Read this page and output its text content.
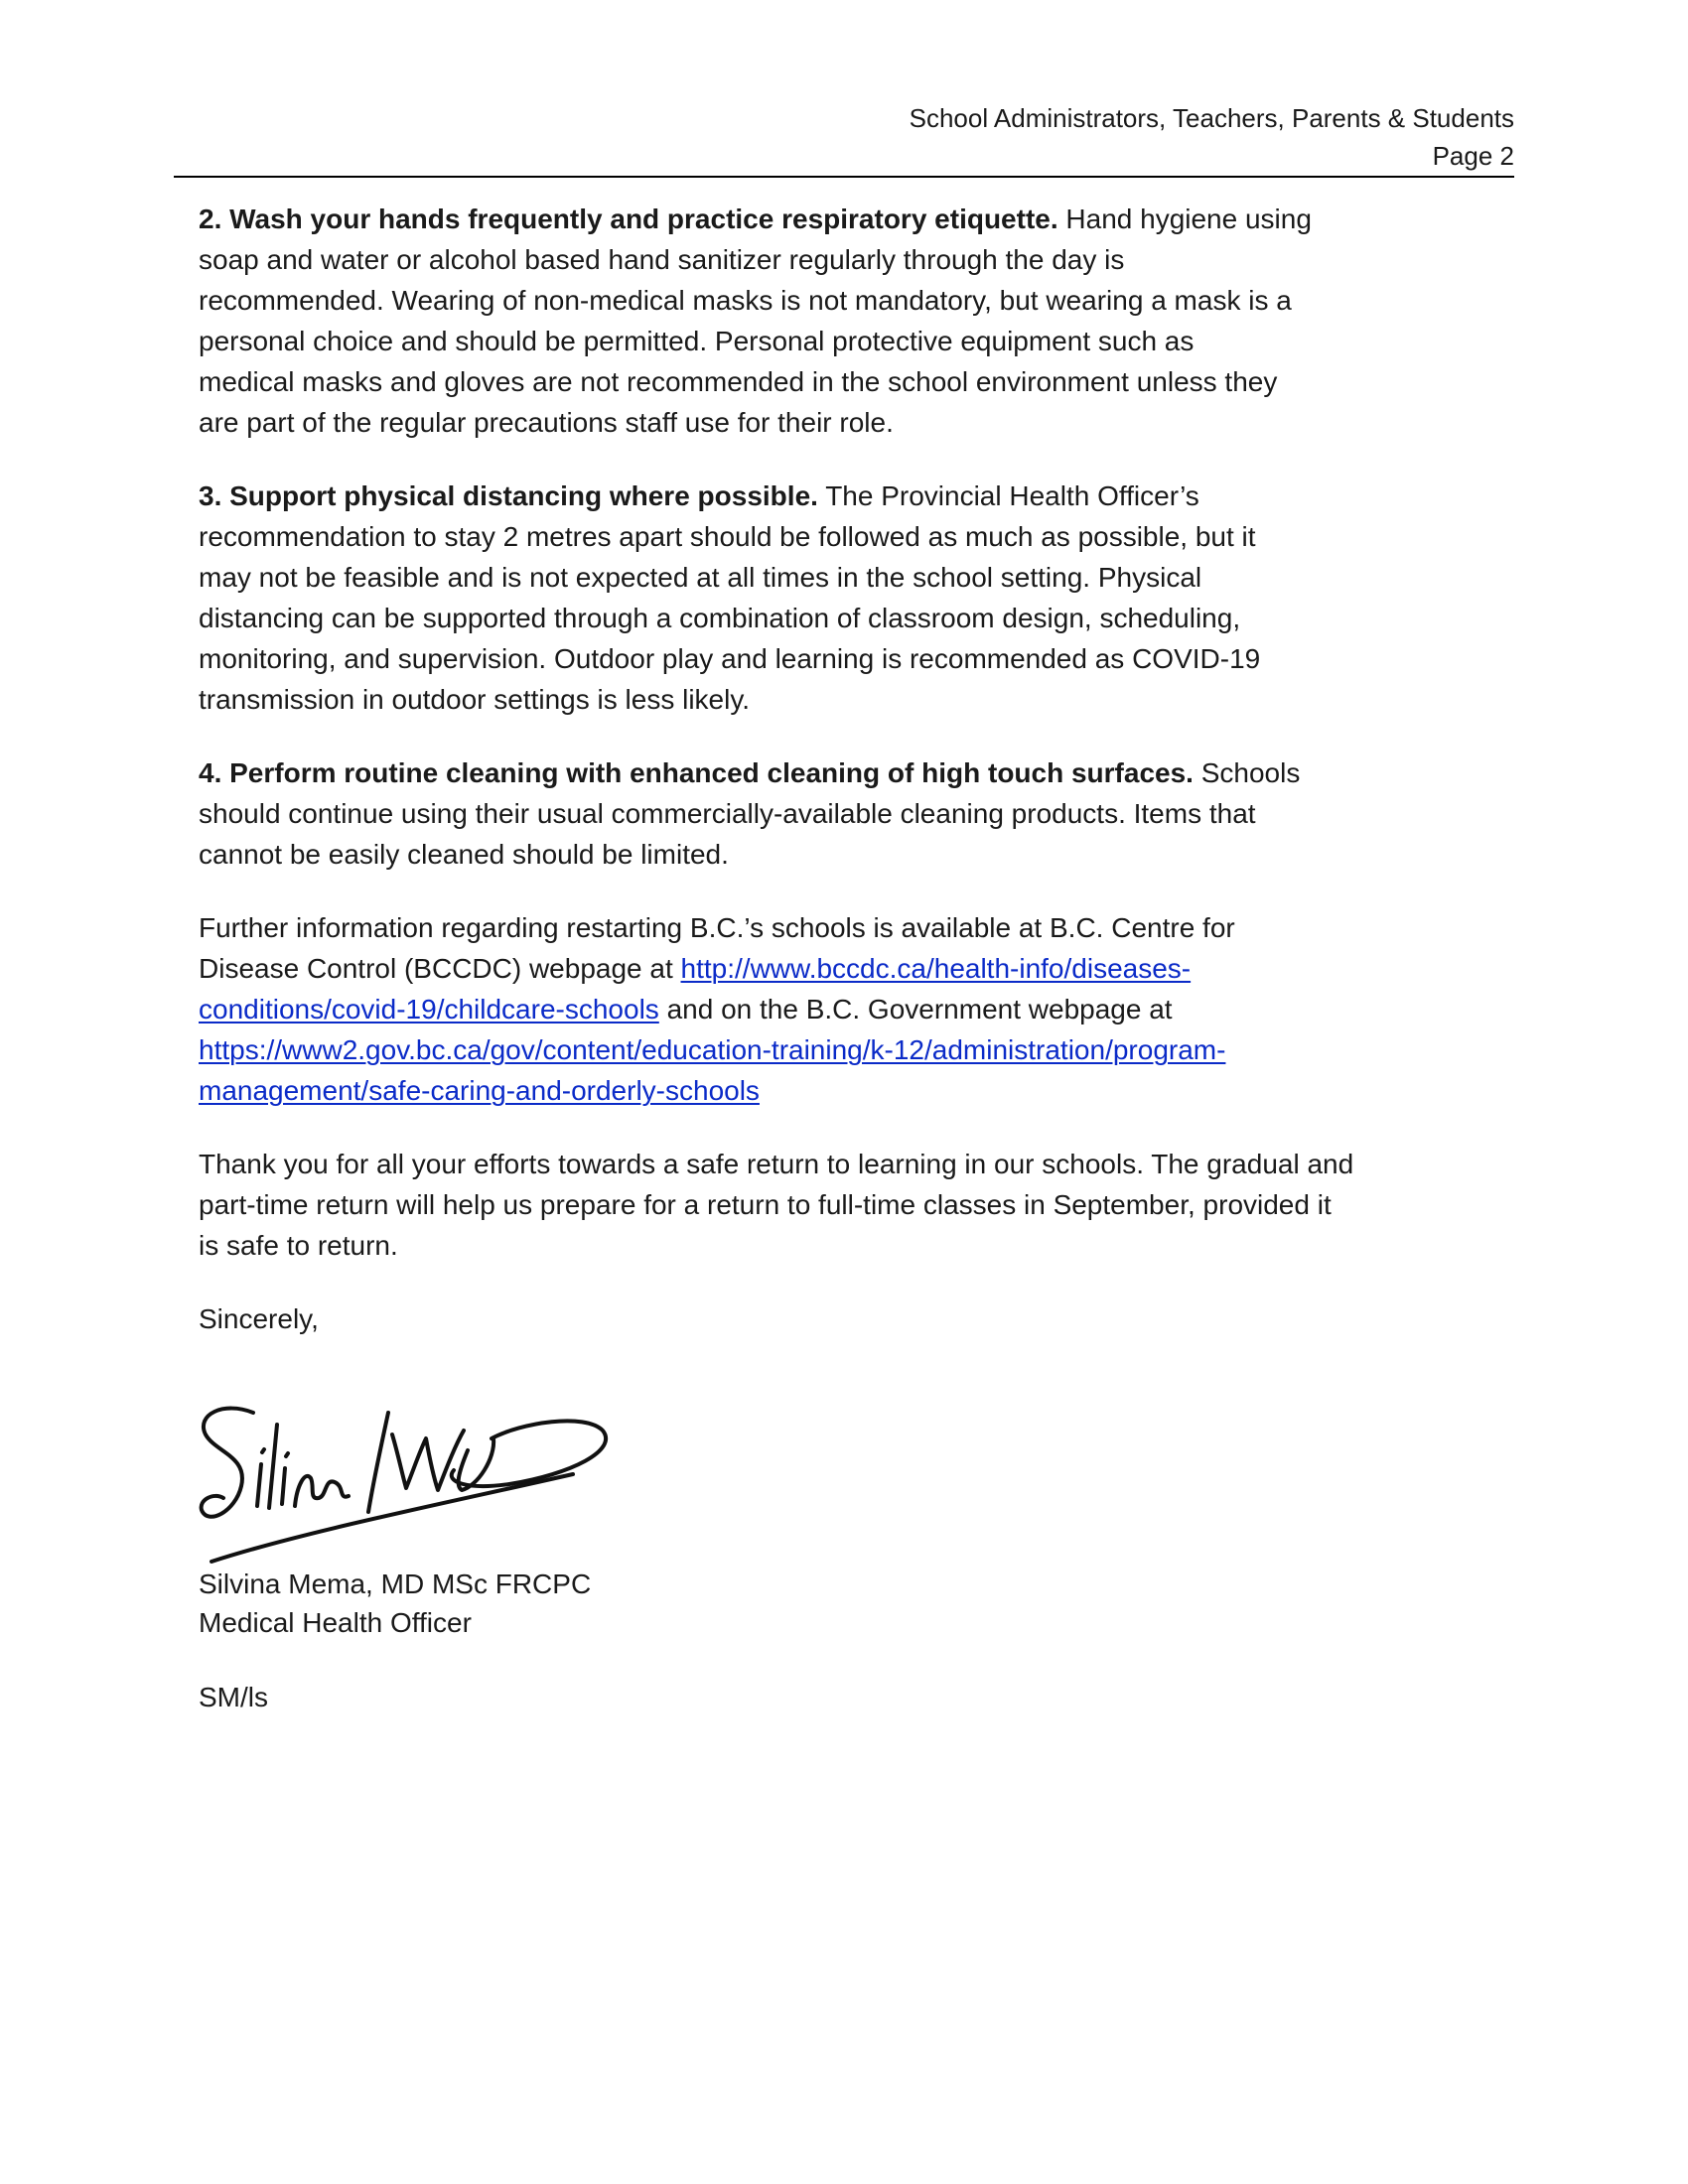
School Administrators, Teachers, Parents & Students
Page 2
2. Wash your hands frequently and practice respiratory etiquette. Hand hygiene using
soap and water or alcohol based hand sanitizer regularly through the day is
recommended. Wearing of non-medical masks is not mandatory, but wearing a mask is a
personal choice and should be permitted. Personal protective equipment such as
medical masks and gloves are not recommended in the school environment unless they
are part of the regular precautions staff use for their role.
3. Support physical distancing where possible. The Provincial Health Officer’s
recommendation to stay 2 metres apart should be followed as much as possible, but it
may not be feasible and is not expected at all times in the school setting. Physical
distancing can be supported through a combination of classroom design, scheduling,
monitoring, and supervision. Outdoor play and learning is recommended as COVID-19
transmission in outdoor settings is less likely.
4. Perform routine cleaning with enhanced cleaning of high touch surfaces. Schools
should continue using their usual commercially-available cleaning products. Items that
cannot be easily cleaned should be limited.
Further information regarding restarting B.C.’s schools is available at B.C. Centre for
Disease Control (BCCDC) webpage at http://www.bccdc.ca/health-info/diseases-
conditions/covid-19/childcare-schools and on the B.C. Government webpage at
https://www2.gov.bc.ca/gov/content/education-training/k-12/administration/program-
management/safe-caring-and-orderly-schools
Thank you for all your efforts towards a safe return to learning in our schools. The gradual and
part-time return will help us prepare for a return to full-time classes in September, provided it
is safe to return.
Sincerely,
Silvina Mema, MD MSc FRCPC
Medical Health Officer
SM/ls
